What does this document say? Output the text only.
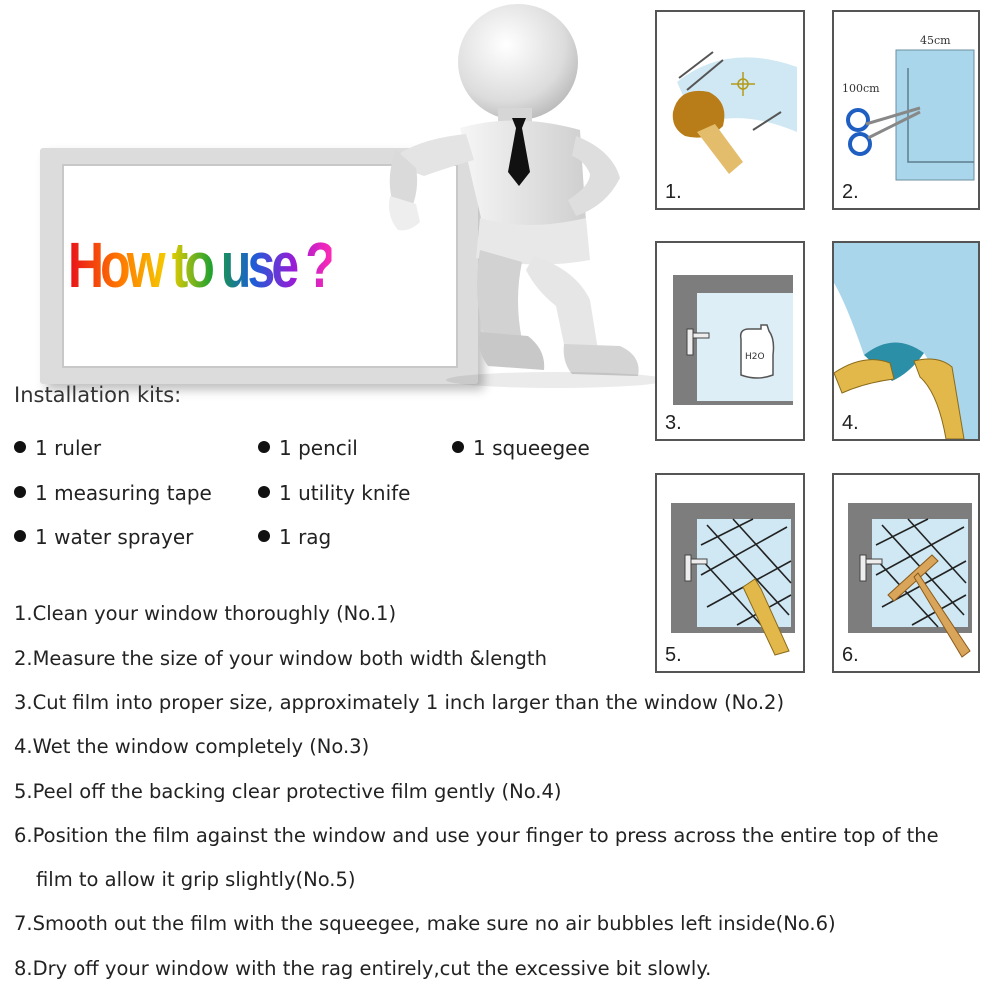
How to use ?
Installation kits:
1 ruler	1 pencil	1 squeegee
1 measuring tape	1 utility knife
1 water sprayer	1 rag
1.Clean your window thoroughly (No.1)
2.Measure the size of your window both width &length
3.Cut film into proper size, approximately 1 inch larger than the window (No.2)
4.Wet the window completely (No.3)
5.Peel off the backing clear protective film gently (No.4)
6.Position the film against the window and use your finger to press across the entire top of the
film to allow it grip slightly(No.5)
7.Smooth out the film with the squeegee, make sure no air bubbles left inside(No.6)
8.Dry off your window with the rag entirely,cut the excessive bit slowly.
1.
45cm
100cm
2.
H2O
3.	4.
5.	6.
